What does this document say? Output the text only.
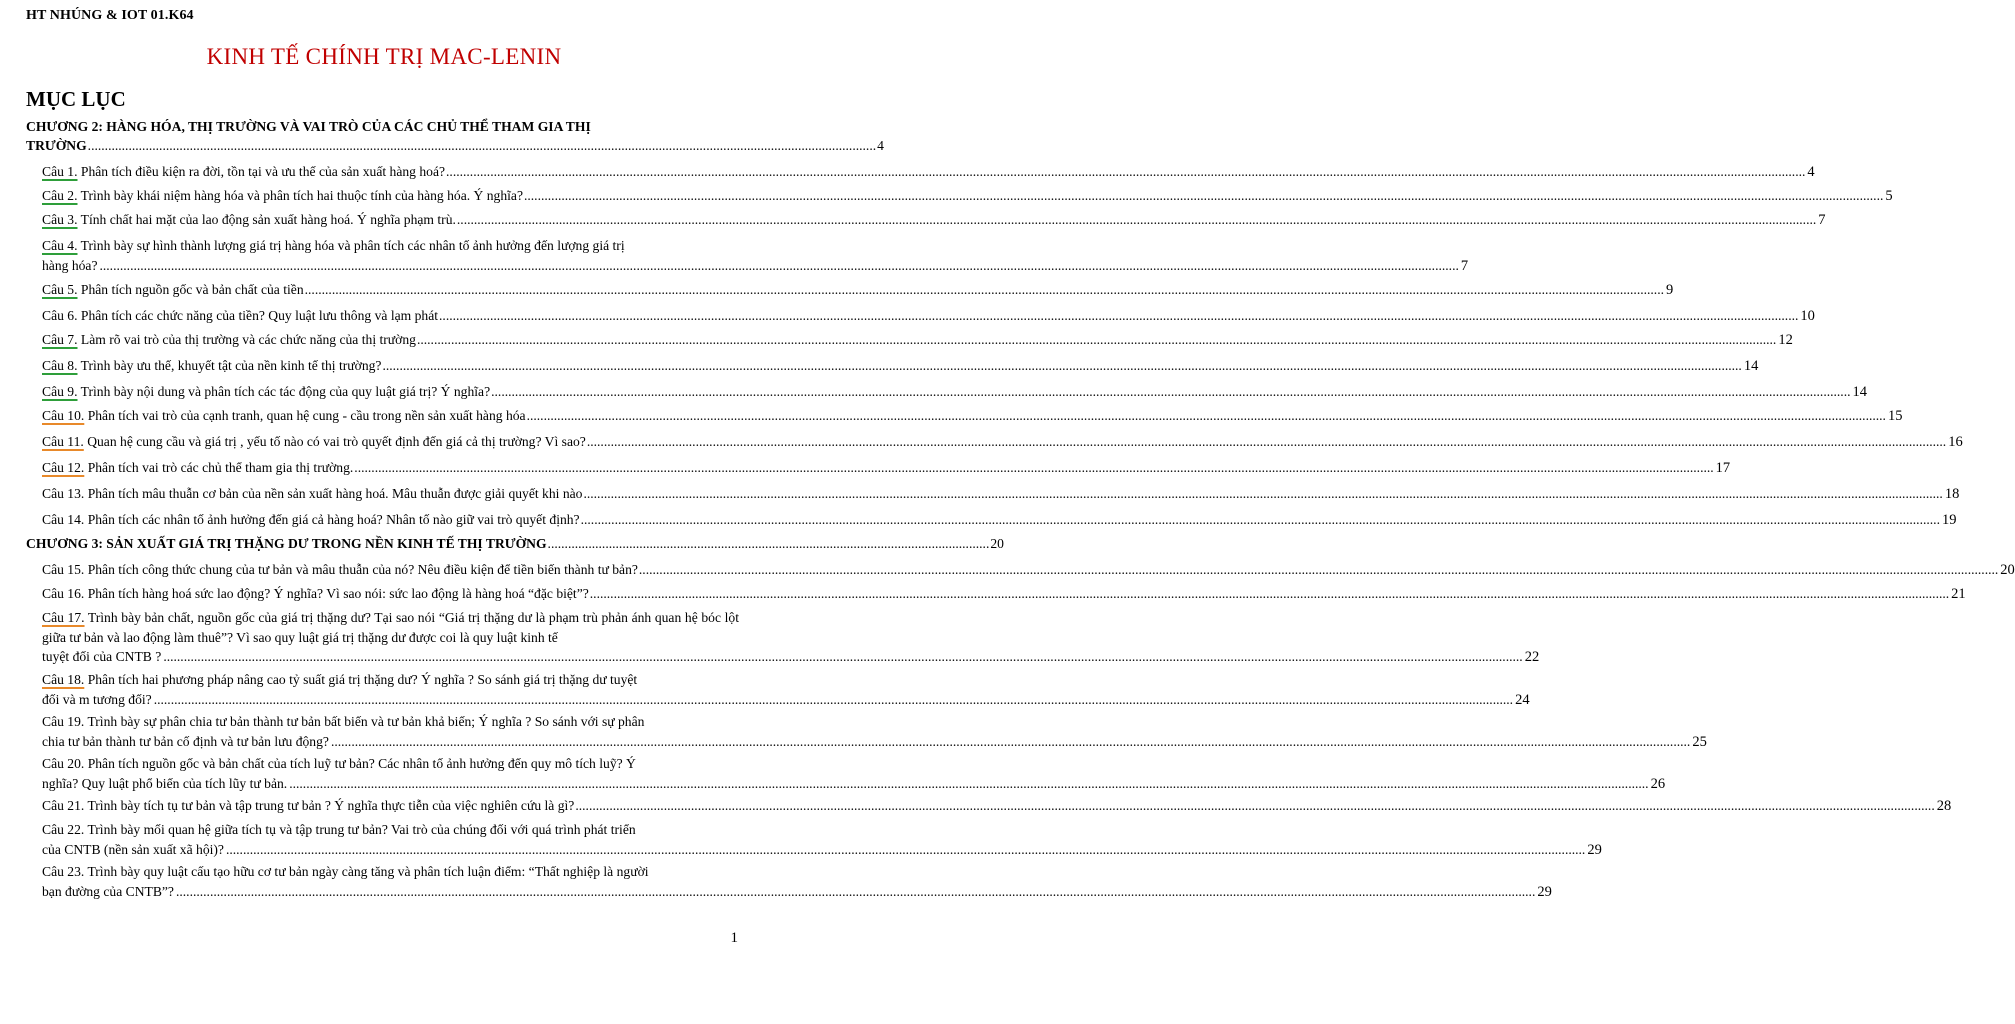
HT NHÚNG & IOT 01.K64
KINH TẾ CHÍNH TRỊ MAC-LENIN
MỤC LỤC
CHƯƠNG 2: HÀNG HÓA, THỊ TRƯỜNG VÀ VAI TRÒ CỦA CÁC CHỦ THỂ THAM GIA THỊ
TRƯỜNG ........................................................................................................................................................................................................................................ 4
Câu 1. Phân tích điều kiện ra đời, tồn tại và ưu thế của sản xuất hàng hoá? ................................................................................................................................................................................................................................................................................................................................................................................................................ 4
Câu 2. Trình bày khái niệm hàng hóa và phân tích hai thuộc tính của hàng hóa. Ý nghĩa? ................................................................................................................................................................................................................................................................................................................................................................................................................ 5
Câu 3. Tính chất hai mặt của lao động sản xuất hàng hoá. Ý nghĩa phạm trù. ................................................................................................................................................................................................................................................................................................................................................................................................................ 7
Câu 4. Trình bày sự hình thành lượng giá trị hàng hóa và phân tích các nhân tố ảnh hưởng đến lượng giá trị
hàng hóa? ................................................................................................................................................................................................................................................................................................................................................................................................................ 7
Câu 5. Phân tích nguồn gốc và bản chất của tiền ................................................................................................................................................................................................................................................................................................................................................................................................................ 9
Câu 6. Phân tích các chức năng của tiền? Quy luật lưu thông và lạm phát ................................................................................................................................................................................................................................................................................................................................................................................................................ 10
Câu 7. Làm rõ vai trò của thị trường và các chức năng của thị trường ................................................................................................................................................................................................................................................................................................................................................................................................................ 12
Câu 8. Trình bày ưu thế, khuyết tật của nền kinh tế thị trường? ................................................................................................................................................................................................................................................................................................................................................................................................................ 14
Câu 9. Trình bày nội dung và phân tích các tác động của quy luật giá trị? Ý nghĩa? ................................................................................................................................................................................................................................................................................................................................................................................................................ 14
Câu 10. Phân tích vai trò của cạnh tranh, quan hệ cung - cầu trong nền sản xuất hàng hóa ................................................................................................................................................................................................................................................................................................................................................................................................................ 15
Câu 11. Quan hệ cung cầu và giá trị , yếu tố nào có vai trò quyết định đến giá cả thị trường? Vì sao? ................................................................................................................................................................................................................................................................................................................................................................................................................ 16
Câu 12. Phân tích vai trò các chủ thể tham gia thị trường. ................................................................................................................................................................................................................................................................................................................................................................................................................ 17
Câu 13. Phân tích mâu thuẫn cơ bản của nền sản xuất hàng hoá. Mâu thuẫn được giải quyết khi nào ................................................................................................................................................................................................................................................................................................................................................................................................................ 18
Câu 14. Phân tích các nhân tố ảnh hưởng đến giá cả hàng hoá? Nhân tố nào giữ vai trò quyết định? ................................................................................................................................................................................................................................................................................................................................................................................................................ 19
Câu 15. Phân tích công thức chung của tư bản và mâu thuẫn của nó? Nêu điều kiện để tiền biến thành tư bản? ................................................................................................................................................................................................................................................................................................................................................................................................................ 20
Câu 16. Phân tích hàng hoá sức lao động? Ý nghĩa? Vì sao nói: sức lao động là hàng hoá “đặc biệt”? ................................................................................................................................................................................................................................................................................................................................................................................................................ 21
Câu 17. Trình bày bản chất, nguồn gốc của giá trị thặng dư? Tại sao nói “Giá trị thặng dư là phạm trù phản ánh quan hệ bóc lột giữa tư bản và lao động làm thuê”? Vì sao quy luật giá trị thặng dư được coi là quy luật kinh tế
tuyệt đối của CNTB ? ................................................................................................................................................................................................................................................................................................................................................................................................................ 22
Câu 18. Phân tích hai phương pháp nâng cao tỷ suất giá trị thặng dư? Ý nghĩa ? So sánh giá trị thặng dư tuyệt
đối và m tương đối? ................................................................................................................................................................................................................................................................................................................................................................................................................ 24
Câu 19. Trình bày sự phân chia tư bản thành tư bản bất biến và tư bản khả biến; Ý nghĩa ? So sánh với sự phân
chia tư bản thành tư bản cố định và tư bản lưu động? ................................................................................................................................................................................................................................................................................................................................................................................................................ 25
Câu 20. Phân tích nguồn gốc và bản chất của tích luỹ tư bản? Các nhân tố ảnh hưởng đến quy mô tích luỹ? Ý
nghĩa? Quy luật phổ biến của tích lũy tư bản. ................................................................................................................................................................................................................................................................................................................................................................................................................ 26
Câu 21. Trình bày tích tụ tư bản và tập trung tư bản ? Ý nghĩa thực tiễn của việc nghiên cứu là gì? ................................................................................................................................................................................................................................................................................................................................................................................................................ 28
Câu 22. Trình bày mối quan hệ giữa tích tụ và tập trung tư bản? Vai trò của chúng đối với quá trình phát triển
của CNTB (nền sản xuất xã hội)? ................................................................................................................................................................................................................................................................................................................................................................................................................ 29
Câu 23. Trình bày quy luật cấu tạo hữu cơ tư bản ngày càng tăng và phân tích luận điểm: “Thất nghiệp là người
bạn đường của CNTB”? ................................................................................................................................................................................................................................................................................................................................................................................................................ 29
CHƯƠNG 3: SẢN XUẤT GIÁ TRỊ THẶNG DƯ TRONG NỀN KINH TẾ THỊ TRƯỜNG .................................................................................................................................. 20
1
